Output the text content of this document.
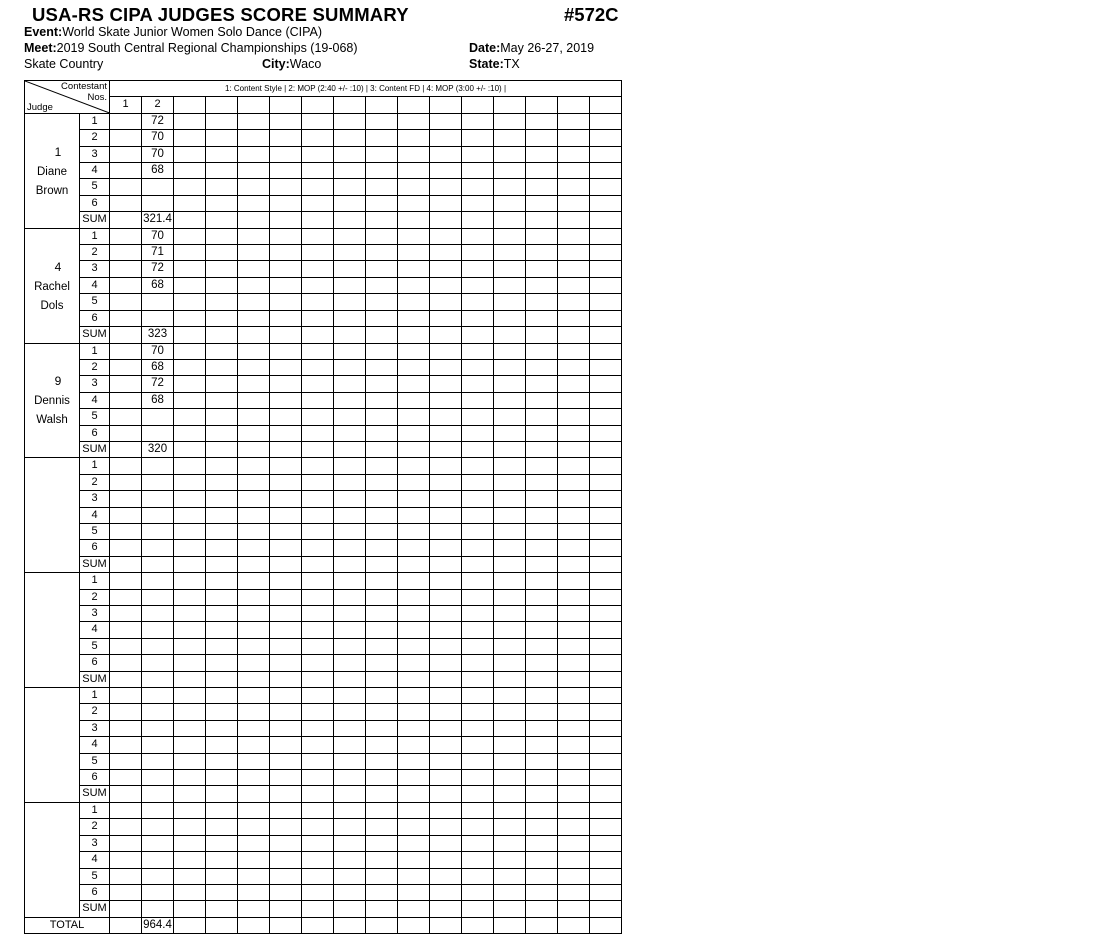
USA-RS CIPA JUDGES SCORE SUMMARY	#572C
Event:World Skate Junior Women Solo Dance (CIPA)
Meet:2019 South Central Regional Championships (19-068)	Date:May 26-27, 2019
Skate Country	City:Waco	State:TX
Contestant
Nos.
Judge		1: Content Style | 2: MOP (2:40 +/- :10) | 3: Content FD | 4: MOP (3:00 +/- :10) |															
		1	2														

1
Diane
Brown	1		72														
	2		70														
	3		70														
	4		68														
	5																
	6																
	SUM		321.4														

4
Rachel
Dols	1		70														
	2		71														
	3		72														
	4		68														
	5																
	6																
	SUM		323														

9
Dennis
Walsh	1		70														
	2		68														
	3		72														
	4		68														
	5																
	6																
	SUM		320														

	1																
	2																
	3																
	4																
	5																
	6																
	SUM																

	1																
	2																
	3																
	4																
	5																
	6																
	SUM																

	1																
	2																
	3																
	4																
	5																
	6																
	SUM																

	1																
	2																
	3																
	4																
	5																
	6																
	SUM																
TOTAL			964.4														
